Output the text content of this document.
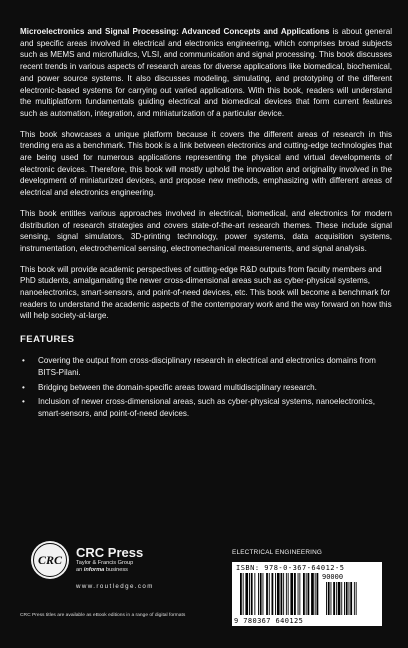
Microelectronics and Signal Processing: Advanced Concepts and Applications is about general and specific areas involved in electrical and electronics engineering, which comprises broad subjects such as MEMS and microfluidics, VLSI, and communication and signal processing. This book discusses recent trends in various aspects of research areas for diverse applications like biomedical, biochemical, and power source systems. It also discusses modeling, simulating, and prototyping of the different electronic-based systems for carrying out varied applications. With this book, readers will understand the multiplatform fundamentals guiding electrical and biomedical devices that form current features such as automation, integration, and miniaturization of a particular device.

This book showcases a unique platform because it covers the different areas of research in this trending era as a benchmark. This book is a link between electronics and cutting-edge technologies that are being used for numerous applications representing the physical and virtual developments of electronic devices. Therefore, this book will mostly uphold the innovation and originality involved in the development of miniaturized devices, and propose new methods, emphasizing with different areas of electrical and electronics engineering.

This book entitles various approaches involved in electrical, biomedical, and electronics for modern distribution of research strategies and covers state-of-the-art research themes. These include signal sensing, signal simulators, 3D-printing technology, power systems, data acquisition systems, instrumentation, electrochemical sensing, electromechanical measurements, and signal analysis.

This book will provide academic perspectives of cutting-edge R&D outputs from faculty members and PhD students, amalgamating the newer cross-dimensional areas such as cyber-physical systems, nanoelectronics, smart-sensors, and point-of-need devices, etc. This book will become a benchmark for readers to understand the academic aspects of the contemporary work and the way forward on how this will help society-at-large.

FEATURES
• Covering the output from cross-disciplinary research in electrical and electronics domains from BITS-Pilani.
• Bridging between the domain-specific areas toward multidisciplinary research.
• Inclusion of newer cross-dimensional areas, such as cyber-physical systems, nanoelectronics, smart-sensors, and point-of-need devices.
CRC CRC Press
Taylor & Francis Group
an informa business
www.routledge.com
CRC Press titles are available as eBook editions in a range of digital formats
ELECTRICAL ENGINEERING
ISBN: 978-0-367-64012-5
90000
9 780367 640125
